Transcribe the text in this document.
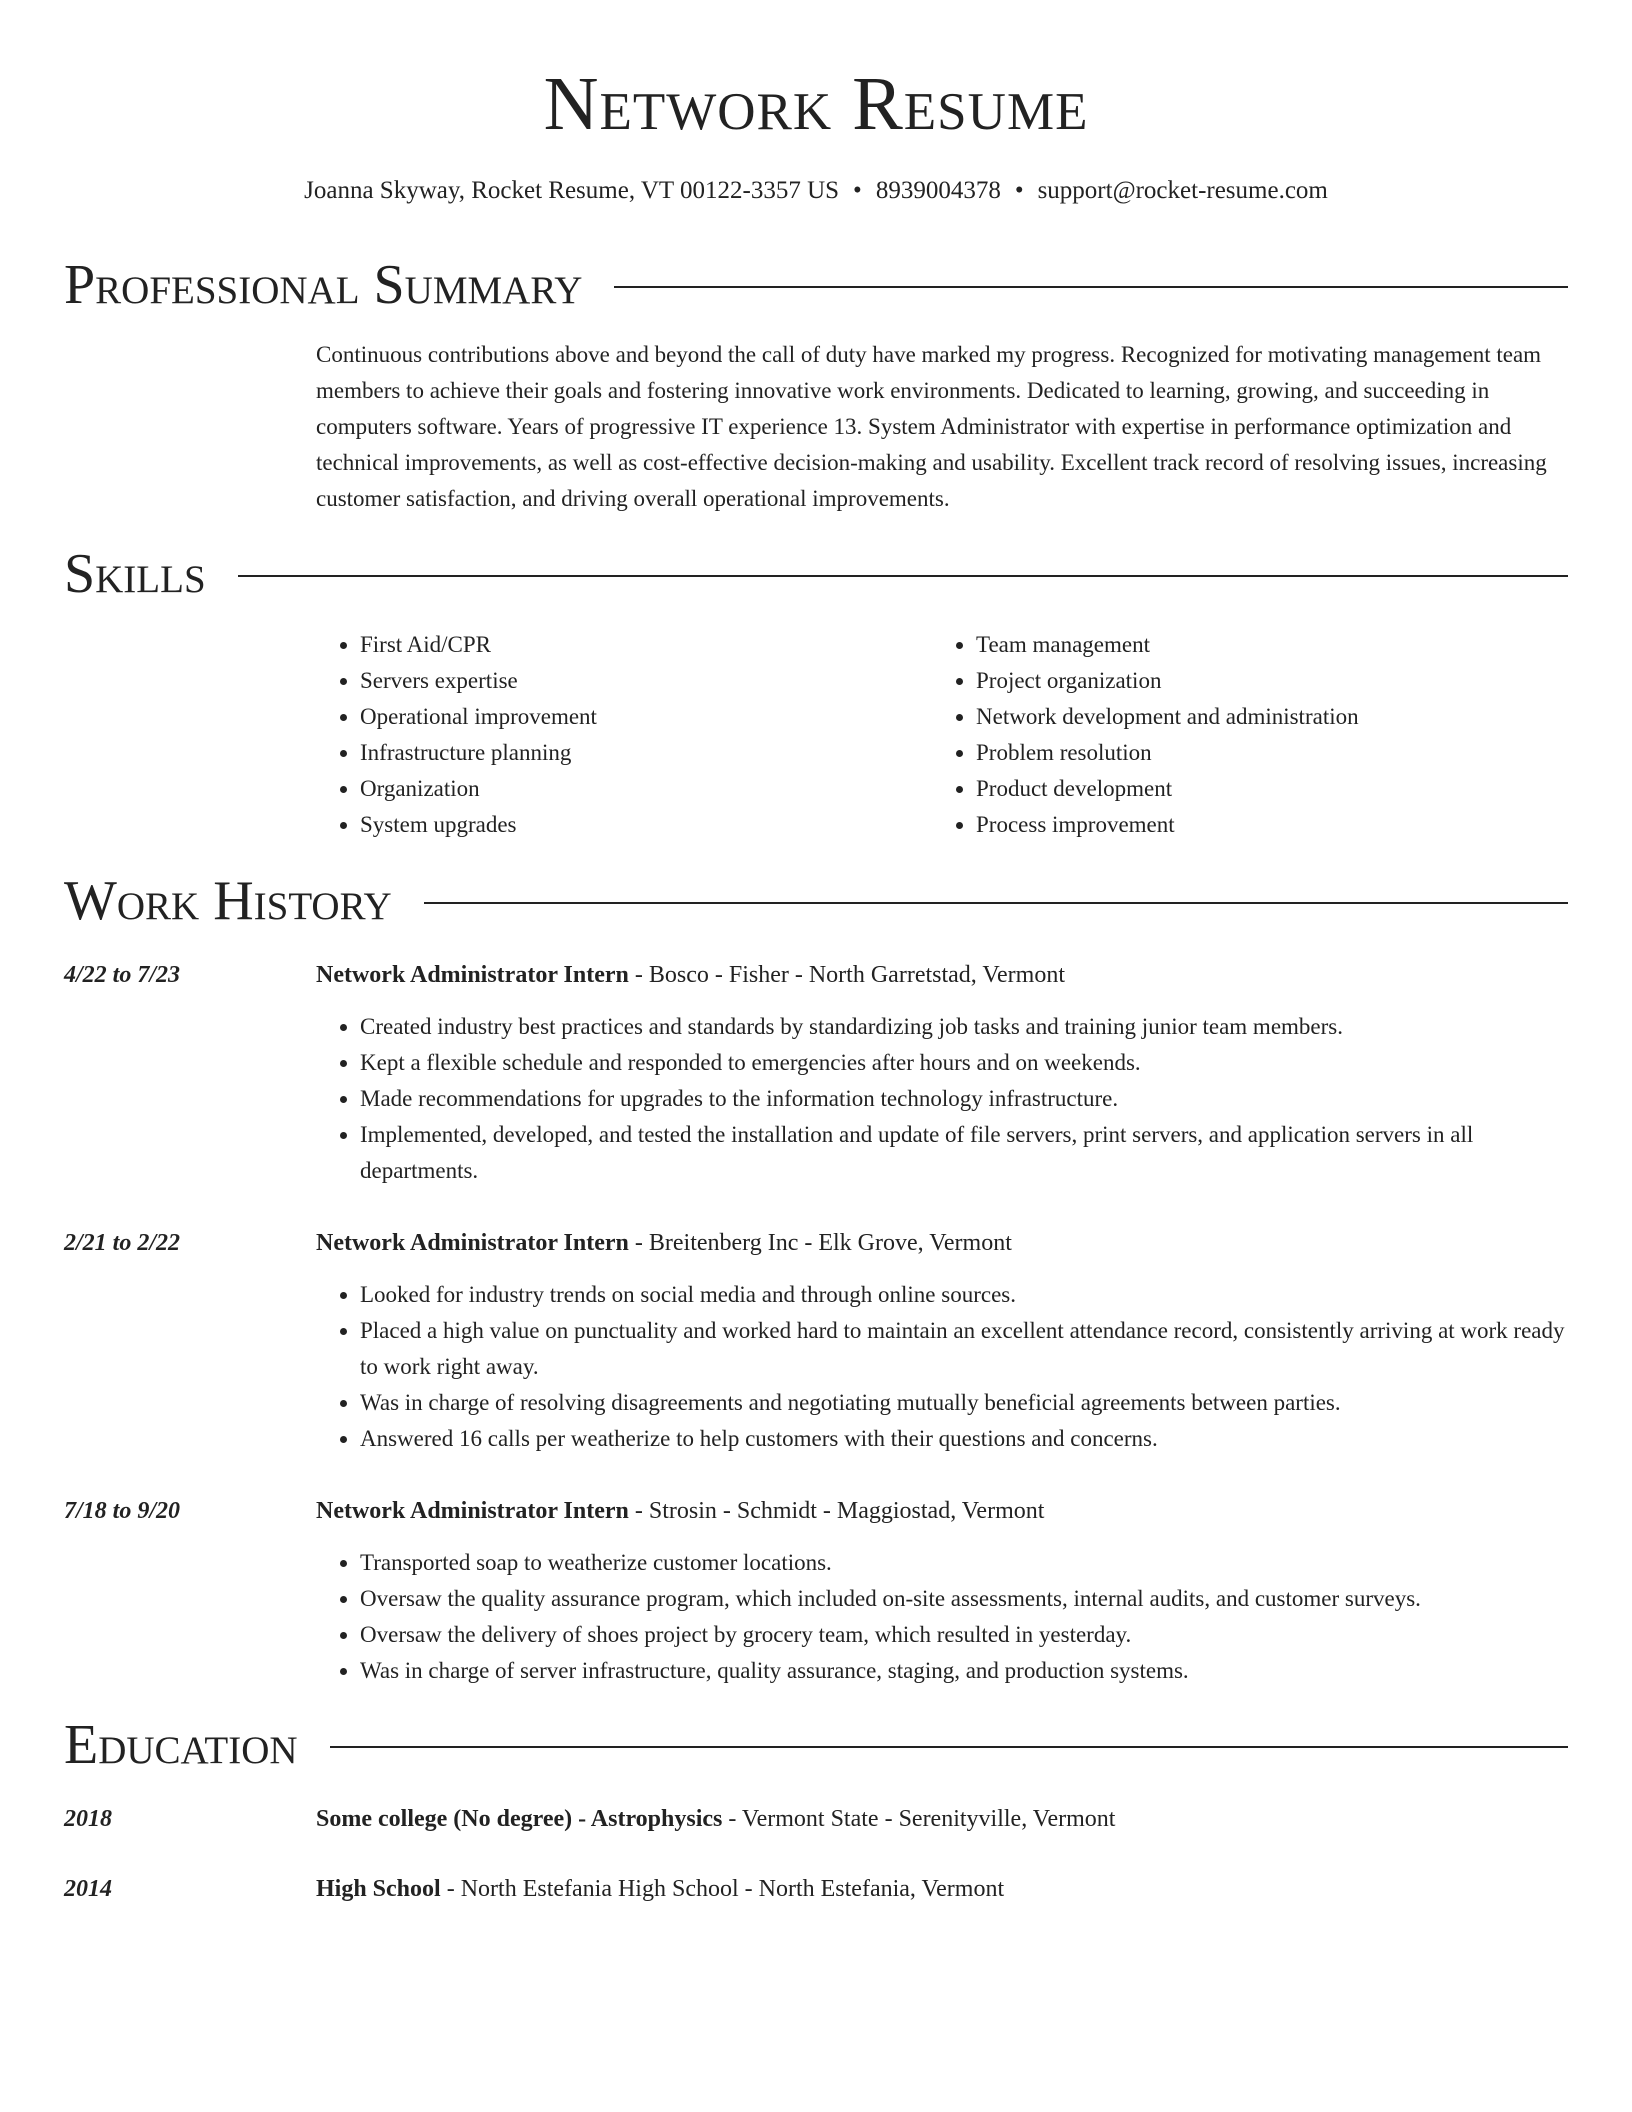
Network Resume
Joanna Skyway, Rocket Resume, VT 00122-3357 US • 8939004378 • support@rocket-resume.com
Professional Summary

Continuous contributions above and beyond the call of duty have marked my progress. Recognized for motivating management team members to achieve their goals and fostering innovative work environments. Dedicated to learning, growing, and succeeding in computers software. Years of progressive IT experience 13. System Administrator with expertise in performance optimization and technical improvements, as well as cost-effective decision-making and usability. Excellent track record of resolving issues, increasing customer satisfaction, and driving overall operational improvements.

Skills
• First Aid/CPR
• Servers expertise
• Operational improvement
• Infrastructure planning
• Organization
• System upgrades
• Team management
• Project organization
• Network development and administration
• Problem resolution
• Product development
• Process improvement
Work History
4/22 to 7/23	Network Administrator Intern - Bosco - Fisher - North Garretstad, Vermont
• Created industry best practices and standards by standardizing job tasks and training junior team members.
• Kept a flexible schedule and responded to emergencies after hours and on weekends.
• Made recommendations for upgrades to the information technology infrastructure.
• Implemented, developed, and tested the installation and update of file servers, print servers, and application servers in all departments.
2/21 to 2/22	Network Administrator Intern - Breitenberg Inc - Elk Grove, Vermont
• Looked for industry trends on social media and through online sources.
• Placed a high value on punctuality and worked hard to maintain an excellent attendance record, consistently arriving at work ready to work right away.
• Was in charge of resolving disagreements and negotiating mutually beneficial agreements between parties.
• Answered 16 calls per weatherize to help customers with their questions and concerns.
7/18 to 9/20	Network Administrator Intern - Strosin - Schmidt - Maggiostad, Vermont
• Transported soap to weatherize customer locations.
• Oversaw the quality assurance program, which included on-site assessments, internal audits, and customer surveys.
• Oversaw the delivery of shoes project by grocery team, which resulted in yesterday.
• Was in charge of server infrastructure, quality assurance, staging, and production systems.
Education
2018	Some college (No degree) - Astrophysics - Vermont State - Serenityville, Vermont
2014	High School - North Estefania High School - North Estefania, Vermont
